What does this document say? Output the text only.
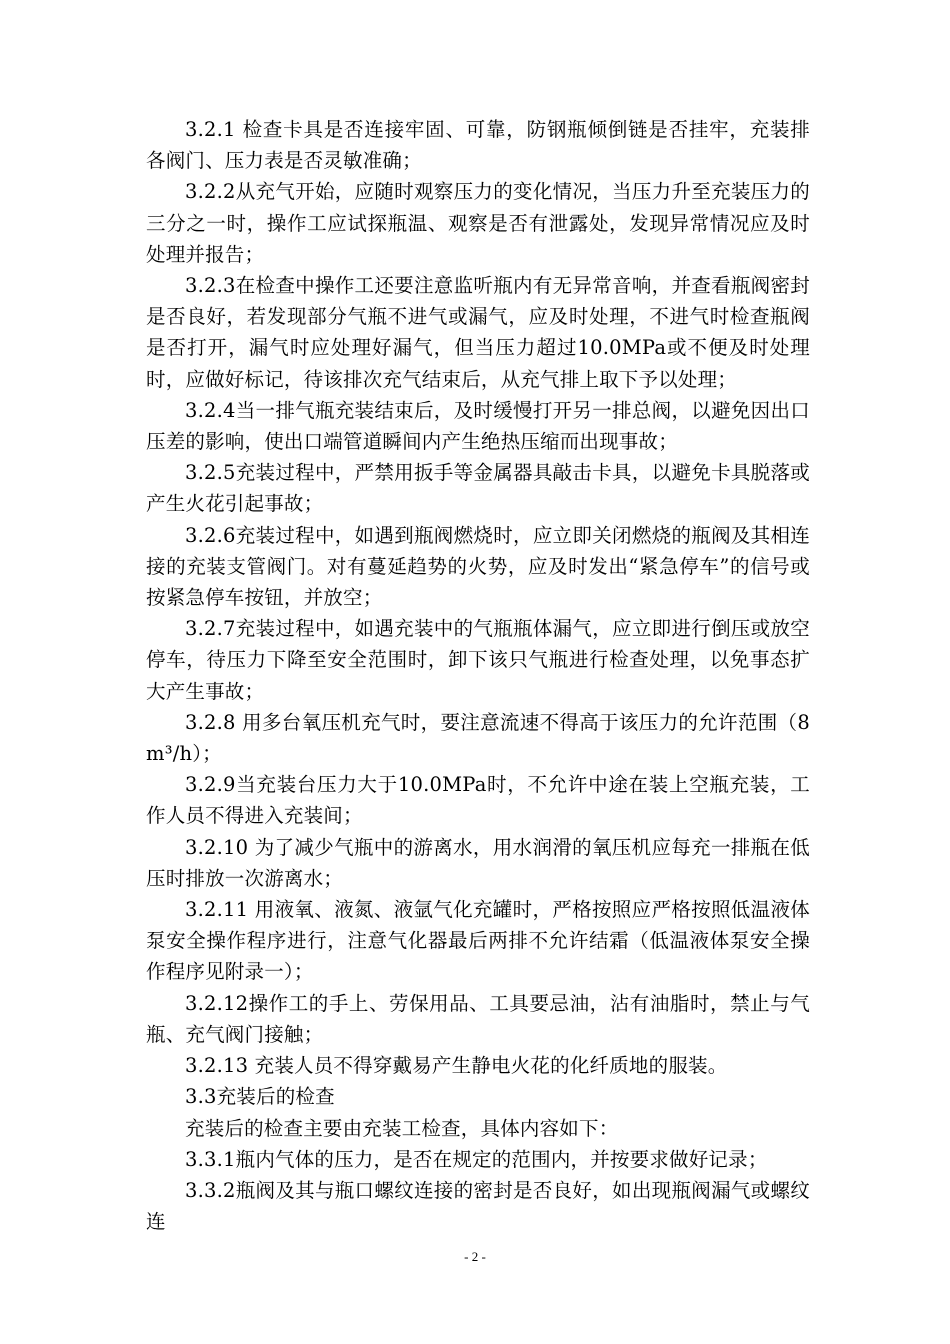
3.2.1 检查卡具是否连接牢固、可靠，防钢瓶倾倒链是否挂牢，充装排各阀门、压力表是否灵敏准确；

3.2.2从充气开始，应随时观察压力的变化情况，当压力升至充装压力的三分之一时，操作工应试探瓶温、观察是否有泄露处，发现异常情况应及时处理并报告；

3.2.3在检查中操作工还要注意监听瓶内有无异常音响，并查看瓶阀密封是否良好，若发现部分气瓶不进气或漏气，应及时处理，不进气时检查瓶阀是否打开，漏气时应处理好漏气，但当压力超过10.0MPa或不便及时处理时，应做好标记，待该排次充气结束后，从充气排上取下予以处理；

3.2.4当一排气瓶充装结束后，及时缓慢打开另一排总阀，以避免因出口压差的影响，使出口端管道瞬间内产生绝热压缩而出现事故；

3.2.5充装过程中，严禁用扳手等金属器具敲击卡具，以避免卡具脱落或产生火花引起事故；

3.2.6充装过程中，如遇到瓶阀燃烧时，应立即关闭燃烧的瓶阀及其相连接的充装支管阀门。对有蔓延趋势的火势，应及时发出“紧急停车”的信号或按紧急停车按钮，并放空；

3.2.7充装过程中，如遇充装中的气瓶瓶体漏气，应立即进行倒压或放空停车，待压力下降至安全范围时，卸下该只气瓶进行检查处理，以免事态扩大产生事故；

3.2.8 用多台氧压机充气时，要注意流速不得高于该压力的允许范围（8m³/h）；

3.2.9当充装台压力大于10.0MPa时，不允许中途在装上空瓶充装，工作人员不得进入充装间；

3.2.10 为了减少气瓶中的游离水，用水润滑的氧压机应每充一排瓶在低压时排放一次游离水；

3.2.11 用液氧、液氮、液氩气化充罐时，严格按照应严格按照低温液体泵安全操作程序进行，注意气化器最后两排不允许结霜（低温液体泵安全操作程序见附录一）；

3.2.12操作工的手上、劳保用品、工具要忌油，沾有油脂时，禁止与气瓶、充气阀门接触；

3.2.13 充装人员不得穿戴易产生静电火花的化纤质地的服装。

3.3充装后的检查

充装后的检查主要由充装工检查，具体内容如下：

3.3.1瓶内气体的压力，是否在规定的范围内，并按要求做好记录；

3.3.2瓶阀及其与瓶口螺纹连接的密封是否良好，如出现瓶阀漏气或螺纹连

- 2 -
